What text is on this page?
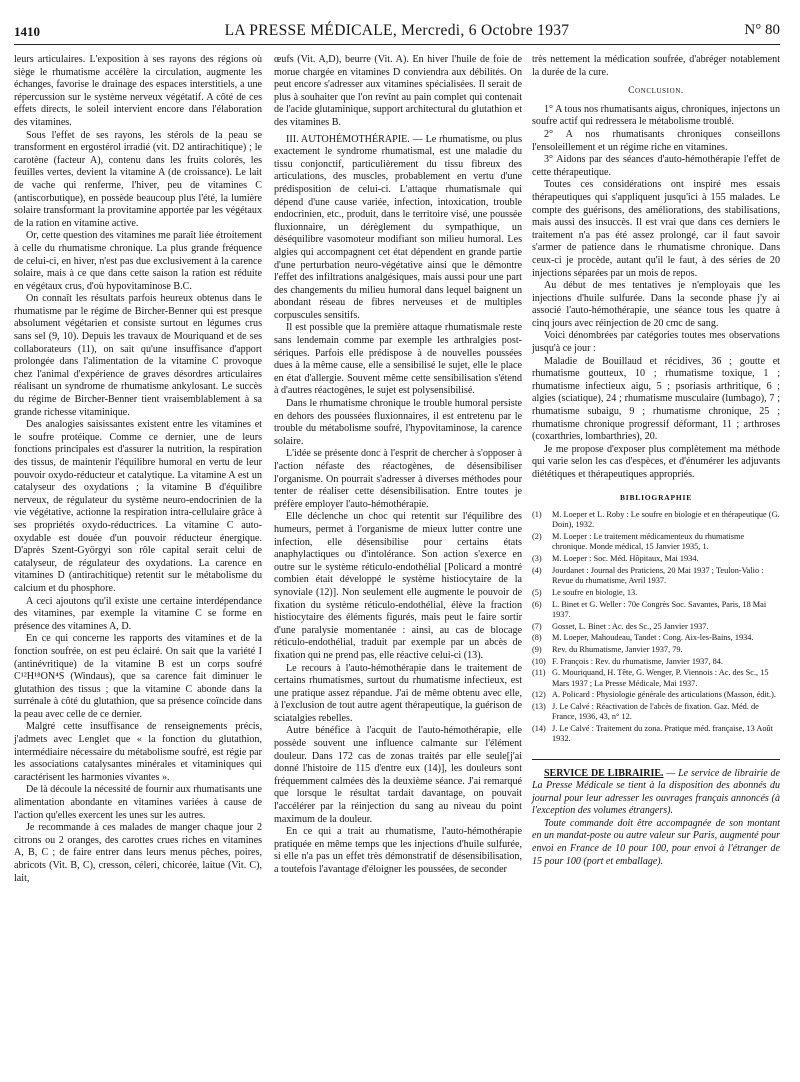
1410	LA PRESSE MÉDICALE, Mercredi, 6 Octobre 1937	N° 80

leurs articulaires. L'exposition à ses rayons des régions où siège le rhumatisme accélère la circulation, augmente les échanges, favorise le drainage des espaces interstitiels, a une répercussion sur le système nerveux végétatif. A côté de ces effets directs, le soleil intervient encore dans l'élaboration des vitamines.

Sous l'effet de ses rayons, les stérols de la peau se transforment en ergostérol irradié (vit. D2 antirachitique) ; le carotène (facteur A), contenu dans les fruits colorés, les feuilles vertes, devient la vitamine A (de croissance). Le lait de vache qui renferme, l'hiver, peu de vitamines C (antiscorbutique), en possède beaucoup plus l'été, la lumière solaire transformant la provitamine apportée par les végétaux de la ration en vitamine active.

Or, cette question des vitamines me paraît liée étroitement à celle du rhumatisme chronique. La plus grande fréquence de celui-ci, en hiver, n'est pas due exclusivement à la carence solaire, mais à ce que dans cette saison la ration est réduite en végétaux crus, d'où hypovitaminose B.C.

On connaît les résultats parfois heureux obtenus dans le rhumatisme par le régime de Bircher-Benner qui est presque absolument végétarien et consiste surtout en légumes crus sans sel (9, 10). Depuis les travaux de Mouriquand et de ses collaborateurs (11), on sait qu'une insuffisance d'apport prolongée dans l'alimentation de la vitamine C provoque chez l'animal d'expérience de graves désordres articulaires réalisant un syndrome de rhumatisme ankylosant. Le succès du régime de Bircher-Benner tient vraisemblablement à sa grande richesse vitaminique.

Des analogies saisissantes existent entre les vitamines et le soufre protéique. Comme ce dernier, une de leurs fonctions principales est d'assurer la nutrition, la respiration des tissus, de maintenir l'équilibre humoral en vertu de leur pouvoir oxydo-réducteur et catalytique. La vitamine A est un catalyseur des oxydations ; la vitamine B d'équilibre nerveux, de régulateur du système neuro-endocrinien de la vie végétative, actionne la respiration intra-cellulaire grâce à ses propriétés oxydo-réductrices. La vitamine C auto-oxydable est douée d'un pouvoir réducteur énergique. D'après Szent-Györgyi son rôle capital serait celui de catalyseur, de régulateur des oxydations. La carence en vitamines D (antirachitique) retentit sur le métabolisme du calcium et du phosphore.

A ceci ajoutons qu'il existe une certaine interdépendance des vitamines, par exemple la vitamine C se forme en présence des vitamines A, D.

En ce qui concerne les rapports des vitamines et de la fonction soufrée, on est peu éclairé. On sait que la variété I (antinévritique) de la vitamine B est un corps soufré C¹²H¹⁸ON⁴S (Windaus), que sa carence fait diminuer le glutathion des tissus ; que la vitamine C abonde dans la surrénale à côté du glutathion, que sa présence coïncide dans la peau avec celle de ce dernier.

Malgré cette insuffisance de renseignements précis, j'admets avec Lenglet que « la fonction du glutathion, intermédiaire nécessaire du métabolisme soufré, est régie par les associations catalysantes minérales et vitaminiques qui caractérisent les harmonies vivantes ».

De là découle la nécessité de fournir aux rhumatisants une alimentation abondante en vitamines variées à cause de l'action qu'elles exercent les unes sur les autres.

Je recommande à ces malades de manger chaque jour 2 citrons ou 2 oranges, des carottes crues riches en vitamines A, B, C ; de faire entrer dans leurs menus pêches, poires, abricots (Vit. B, C), cresson, céleri, chicorée, laitue (Vit. C), lait,

œufs (Vit. A,D), beurre (Vit. A). En hiver l'huile de foie de morue chargée en vitamines D conviendra aux débilités. On peut encore s'adresser aux vitamines spécialisées. Il serait de plus à souhaiter que l'on revînt au pain complet qui contenait de l'acide glutaminique, support architectural du glutathion et des vitamines B.

III. AUTOHÉMOTHÉRAPIE. — Le rhumatisme, ou plus exactement le syndrome rhumatismal, est une maladie du tissu conjonctif, particulièrement du tissu fibreux des articulations, des muscles, probablement en vertu d'une prédisposition de celui-ci. L'attaque rhumatismale qui dépend d'une cause variée, infection, intoxication, trouble endocrinien, etc., produit, dans le territoire visé, une poussée fluxionnaire, un dérèglement du sympathique, un déséquilibre vasomoteur modifiant son milieu humoral. Les algies qui accompagnent cet état dépendent en grande partie d'une perturbation neuro-végétative ainsi que le démontre l'effet des infiltrations analgésiques, mais aussi pour une part des changements du milieu humoral dans lequel baignent un abondant réseau de fibres nerveuses et de multiples corpuscules sensitifs.

Il est possible que la première attaque rhumatismale reste sans lendemain comme par exemple les arthralgies post-sériques. Parfois elle prédispose à de nouvelles poussées dues à la même cause, elle a sensibilisé le sujet, elle le place en état d'allergie. Souvent même cette sensibilisation s'étend à d'autres réactogènes, le sujet est polysensibilisé.

Dans le rhumatisme chronique le trouble humoral persiste en dehors des poussées fluxionnaires, il est entretenu par le trouble du métabolisme soufré, l'hypovitaminose, la carence solaire.

L'idée se présente donc à l'esprit de chercher à s'opposer à l'action néfaste des réactogènes, de désensibiliser l'organisme. On pourrait s'adresser à diverses méthodes pour tenter de réaliser cette désensibilisation. Entre toutes je préfère employer l'auto-hémothérapie.

Elle déclenche un choc qui retentit sur l'équilibre des humeurs, permet à l'organisme de mieux lutter contre une infection, elle désensibilise pour certains états anaphylactiques ou d'intolérance. Son action s'exerce en outre sur le système réticulo-endothélial [Policard a montré combien était développé le système histiocytaire de la synoviale (12)]. Non seulement elle augmente le pouvoir de fixation du système réticulo-endothélial, élève la fraction histiocytaire des éléments figurés, mais peut le faire sortir d'une paralysie momentanée : ainsi, au cas de blocage réticulo-endothélial, traduit par exemple par un abcès de fixation qui ne prend pas, elle réactive celui-ci (13).

Le recours à l'auto-hémothérapie dans le traitement de certains rhumatismes, surtout du rhumatisme infectieux, est une pratique assez répandue. J'ai de même obtenu avec elle, à l'exclusion de tout autre agent thérapeutique, la guérison de sciatalgies rebelles.

Autre bénéfice à l'acquit de l'auto-hémothérapie, elle possède souvent une influence calmante sur l'élément douleur. Dans 172 cas de zonas traités par elle seule[j'ai donné l'histoire de 115 d'entre eux (14)], les douleurs sont fréquemment calmées dès la deuxième séance. J'ai remarqué que lorsque le résultat tardait davantage, on pouvait l'accélérer par la réinjection du sang au niveau du point maximum de la douleur.

En ce qui a trait au rhumatisme, l'auto-hémothérapie pratiquée en même temps que les injections d'huile sulfurée, si elle n'a pas un effet très démonstratif de désensibilisation, a toutefois l'avantage d'éloigner les poussées, de seconder

très nettement la médication soufrée, d'abréger notablement la durée de la cure.

Conclusion.

1° A tous nos rhumatisants aigus, chroniques, injectons un soufre actif qui redressera le métabolisme troublé.

2° A nos rhumatisants chroniques conseillons l'ensoleillement et un régime riche en vitamines.

3° Aidons par des séances d'auto-hémothérapie l'effet de cette thérapeutique.

Toutes ces considérations ont inspiré mes essais thérapeutiques qui s'appliquent jusqu'ici à 155 malades. Le compte des guérisons, des améliorations, des stabilisations, mais aussi des insuccès. Il est vrai que dans ces derniers le traitement n'a pas été assez prolongé, car il faut savoir s'armer de patience dans le rhumatisme chronique. Dans ceux-ci je procède, autant qu'il le faut, à des séries de 20 injections séparées par un mois de repos.

Au début de mes tentatives je n'employais que les injections d'huile sulfurée. Dans la seconde phase j'y ai associé l'auto-hémothérapie, une séance tous les quatre à cinq jours avec réinjection de 20 cmc de sang.

Voici dénombrées par catégories toutes mes observations jusqu'à ce jour :

Maladie de Bouillaud et récidives, 36 ; goutte et rhumatisme goutteux, 10 ; rhumatisme toxique, 1 ; rhumatisme infectieux aigu, 5 ; psoriasis arthritique, 6 ; algies (sciatique), 24 ; rhumatisme musculaire (lumbago), 7 ; rhumatisme subaigu, 9 ; rhumatisme chronique, 25 ; rhumatisme chronique progressif déformant, 11 ; arthroses (coxarthries, lombarthries), 20.

Je me propose d'exposer plus complètement ma méthode qui varie selon les cas d'espèces, et d'énumérer les adjuvants diététiques et thérapeutiques appropriés.

BIBLIOGRAPHIE
(1)	M. Loeper et L. Roby : Le soufre en biologie et en thérapeutique (G. Doin), 1932.
(2)	M. Loeper : Le traitement médicamenteux du rhumatisme chronique. Monde médical, 15 Janvier 1935, 1.
(3)	M. Loeper : Soc. Méd. Hôpitaux, Mai 1934.
(4)	Jourdanet : Journal des Praticiens, 20 Mai 1937 ; Teulon-Valio : Revue du rhumatisme, Avril 1937.
(5)	Le soufre en biologie, 13.
(6)	L. Binet et G. Weller : 70e Congrès Soc. Savantes, Paris, 18 Mai 1937.
(7)	Gosset, L. Binet : Ac. des Sc., 25 Janvier 1937.
(8)	M. Loeper, Mahoudeau, Tandet : Cong. Aix-les-Bains, 1934.
(9)	Rev. du Rhumatisme, Janvier 1937, 79.
(10) F. François : Rev. du rhumatisme, Janvier 1937, 84.
(11) G. Mouriquand, H. Tête, G. Wenger, P. Viennois : Ac. des Sc., 15 Mars 1937 ; La Presse Médicale, Mai 1937.
(12) A. Policard : Physiologie générale des articulations (Masson, édit.).
(13) J. Le Calvé : Réactivation de l'abcès de fixation. Gaz. Méd. de France, 1936, 43, n° 12.
(14) J. Le Calvé : Traitement du zona. Pratique méd. française, 13 Août 1932.

SERVICE DE LIBRAIRIE. — Le service de librairie de La Presse Médicale se tient à la disposition des abonnés du journal pour leur adresser les ouvrages français annoncés (à l'exception des volumes étrangers).

Toute commande doit être accompagnée de son montant en un mandat-poste ou autre valeur sur Paris, augmenté pour envoi en France de 10 pour 100, pour envoi à l'étranger de 15 pour 100 (port et emballage).
